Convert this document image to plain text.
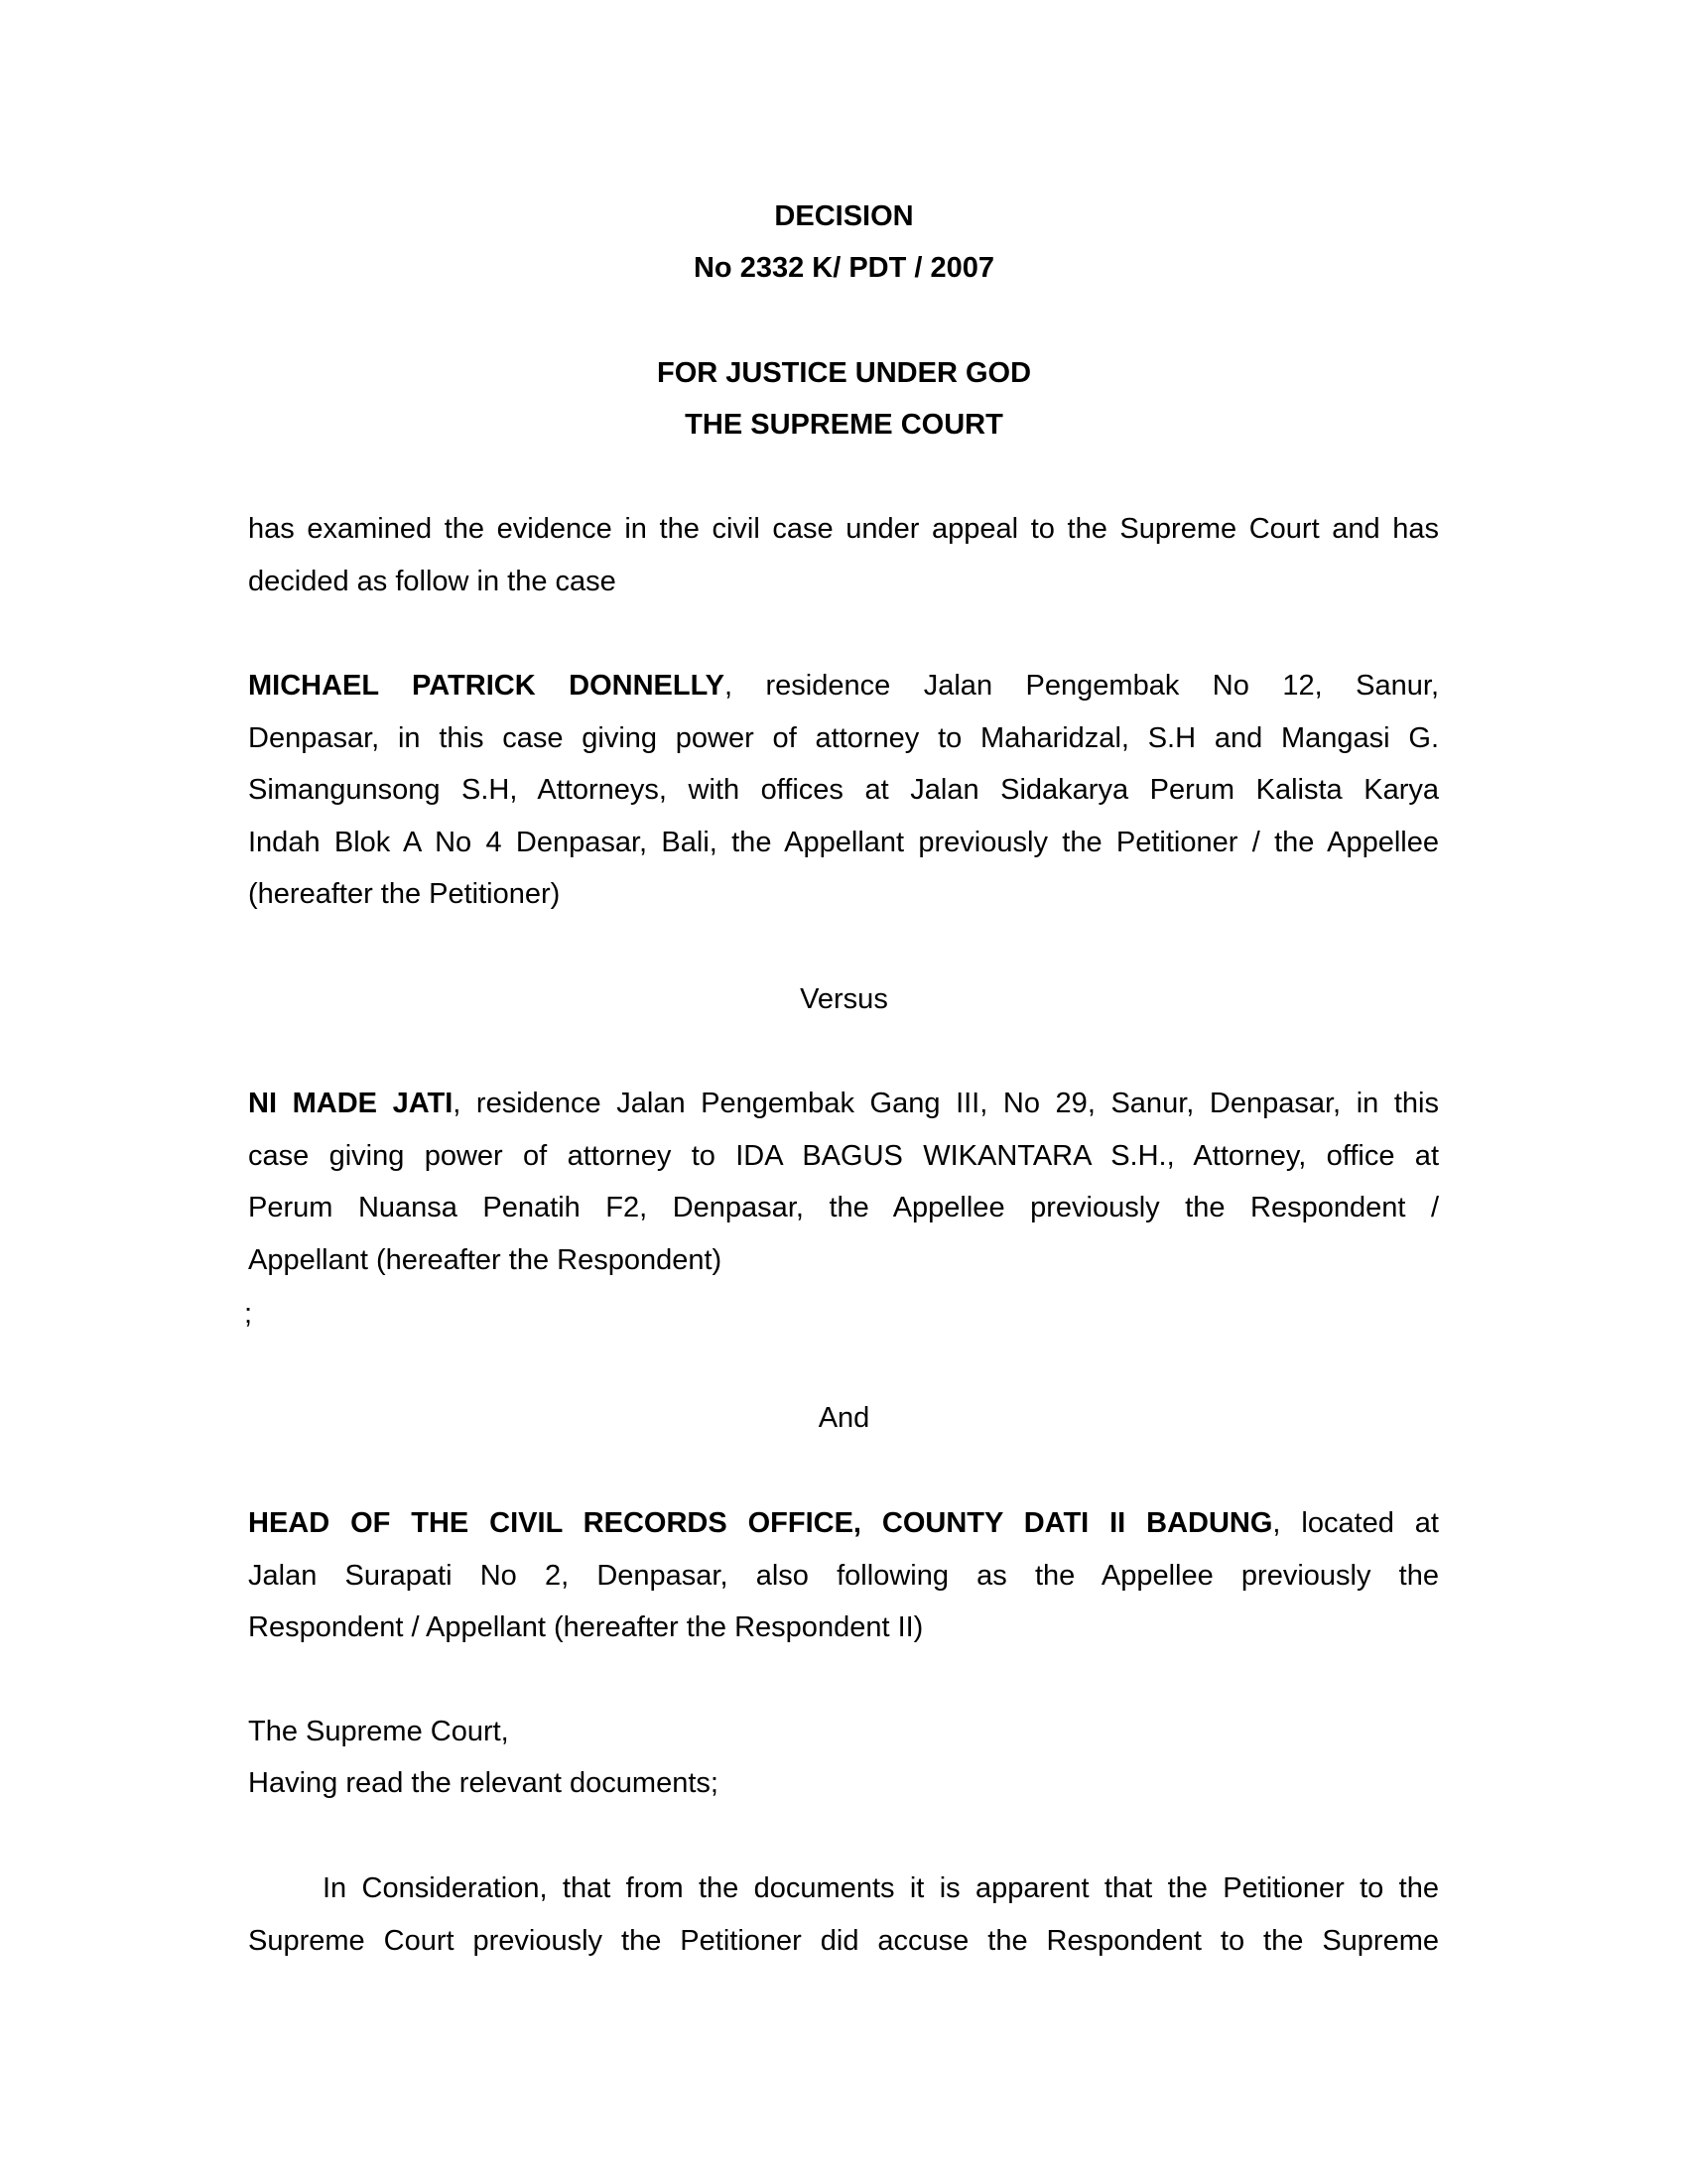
DECISION
No 2332 K/ PDT / 2007
FOR JUSTICE UNDER GOD
THE SUPREME COURT
has examined the evidence in the civil case under appeal to the Supreme Court and has
decided as follow in the case
MICHAEL PATRICK DONNELLY, residence Jalan Pengembak No 12, Sanur,
Denpasar, in this case giving power of attorney to Maharidzal, S.H and Mangasi G.
Simangunsong S.H, Attorneys, with offices at Jalan Sidakarya Perum Kalista Karya
Indah Blok A No 4 Denpasar, Bali, the Appellant previously the Petitioner / the Appellee
(hereafter the Petitioner)
Versus
NI MADE JATI, residence Jalan Pengembak Gang III, No 29, Sanur, Denpasar, in this
case giving power of attorney to IDA BAGUS WIKANTARA S.H., Attorney, office at
Perum Nuansa Penatih F2, Denpasar, the Appellee previously the Respondent /
Appellant (hereafter the Respondent)
;
And
HEAD OF THE CIVIL RECORDS OFFICE, COUNTY DATI II BADUNG, located at
Jalan Surapati No 2, Denpasar, also following as the Appellee previously the
Respondent / Appellant (hereafter the Respondent II)
The Supreme Court,
Having read the relevant documents;
In Consideration, that from the documents it is apparent that the Petitioner to the
Supreme Court previously the Petitioner did accuse the Respondent to the Supreme
